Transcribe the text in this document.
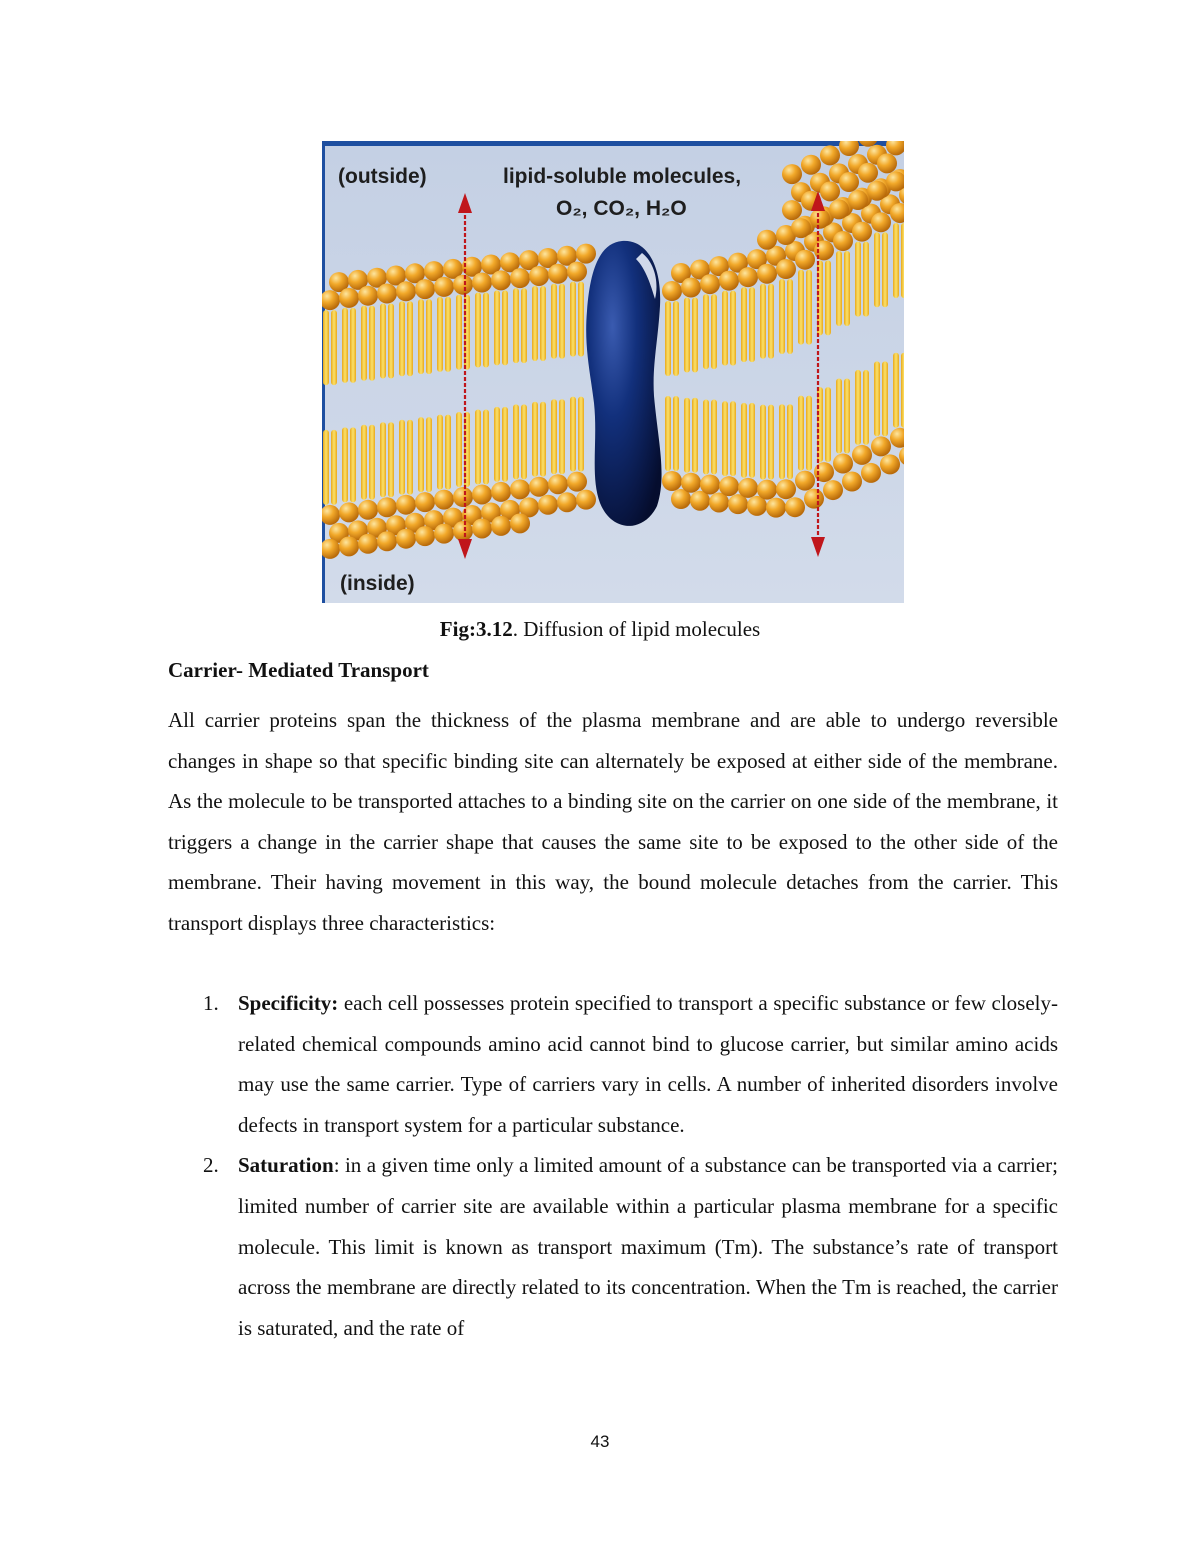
(outside)	lipid-soluble molecules,
O₂, CO₂, H₂O
(inside)
Fig:3.12. Diffusion of lipid molecules
Carrier- Mediated Transport

All carrier proteins span the thickness of the plasma membrane and are able to undergo reversible changes in shape so that specific binding site can alternately be exposed at either side of the membrane. As the molecule to be transported attaches to a binding site on the carrier on one side of the membrane, it triggers a change in the carrier shape that causes the same site to be exposed to the other side of the membrane. Their having movement in this way, the bound molecule detaches from the carrier. This transport displays three characteristics:

1. Specificity: each cell possesses protein specified to transport a specific substance or few closely-related chemical compounds amino acid cannot bind to glucose carrier, but similar amino acids may use the same carrier. Type of carriers vary in cells. A number of inherited disorders involve defects in transport system for a particular substance.
2. Saturation: in a given time only a limited amount of a substance can be transported via a carrier; limited number of carrier site are available within a particular plasma membrane for a specific molecule. This limit is known as transport maximum (Tm). The substance’s rate of transport across the membrane are directly related to its concentration. When the Tm is reached, the carrier is saturated, and the rate of
43
